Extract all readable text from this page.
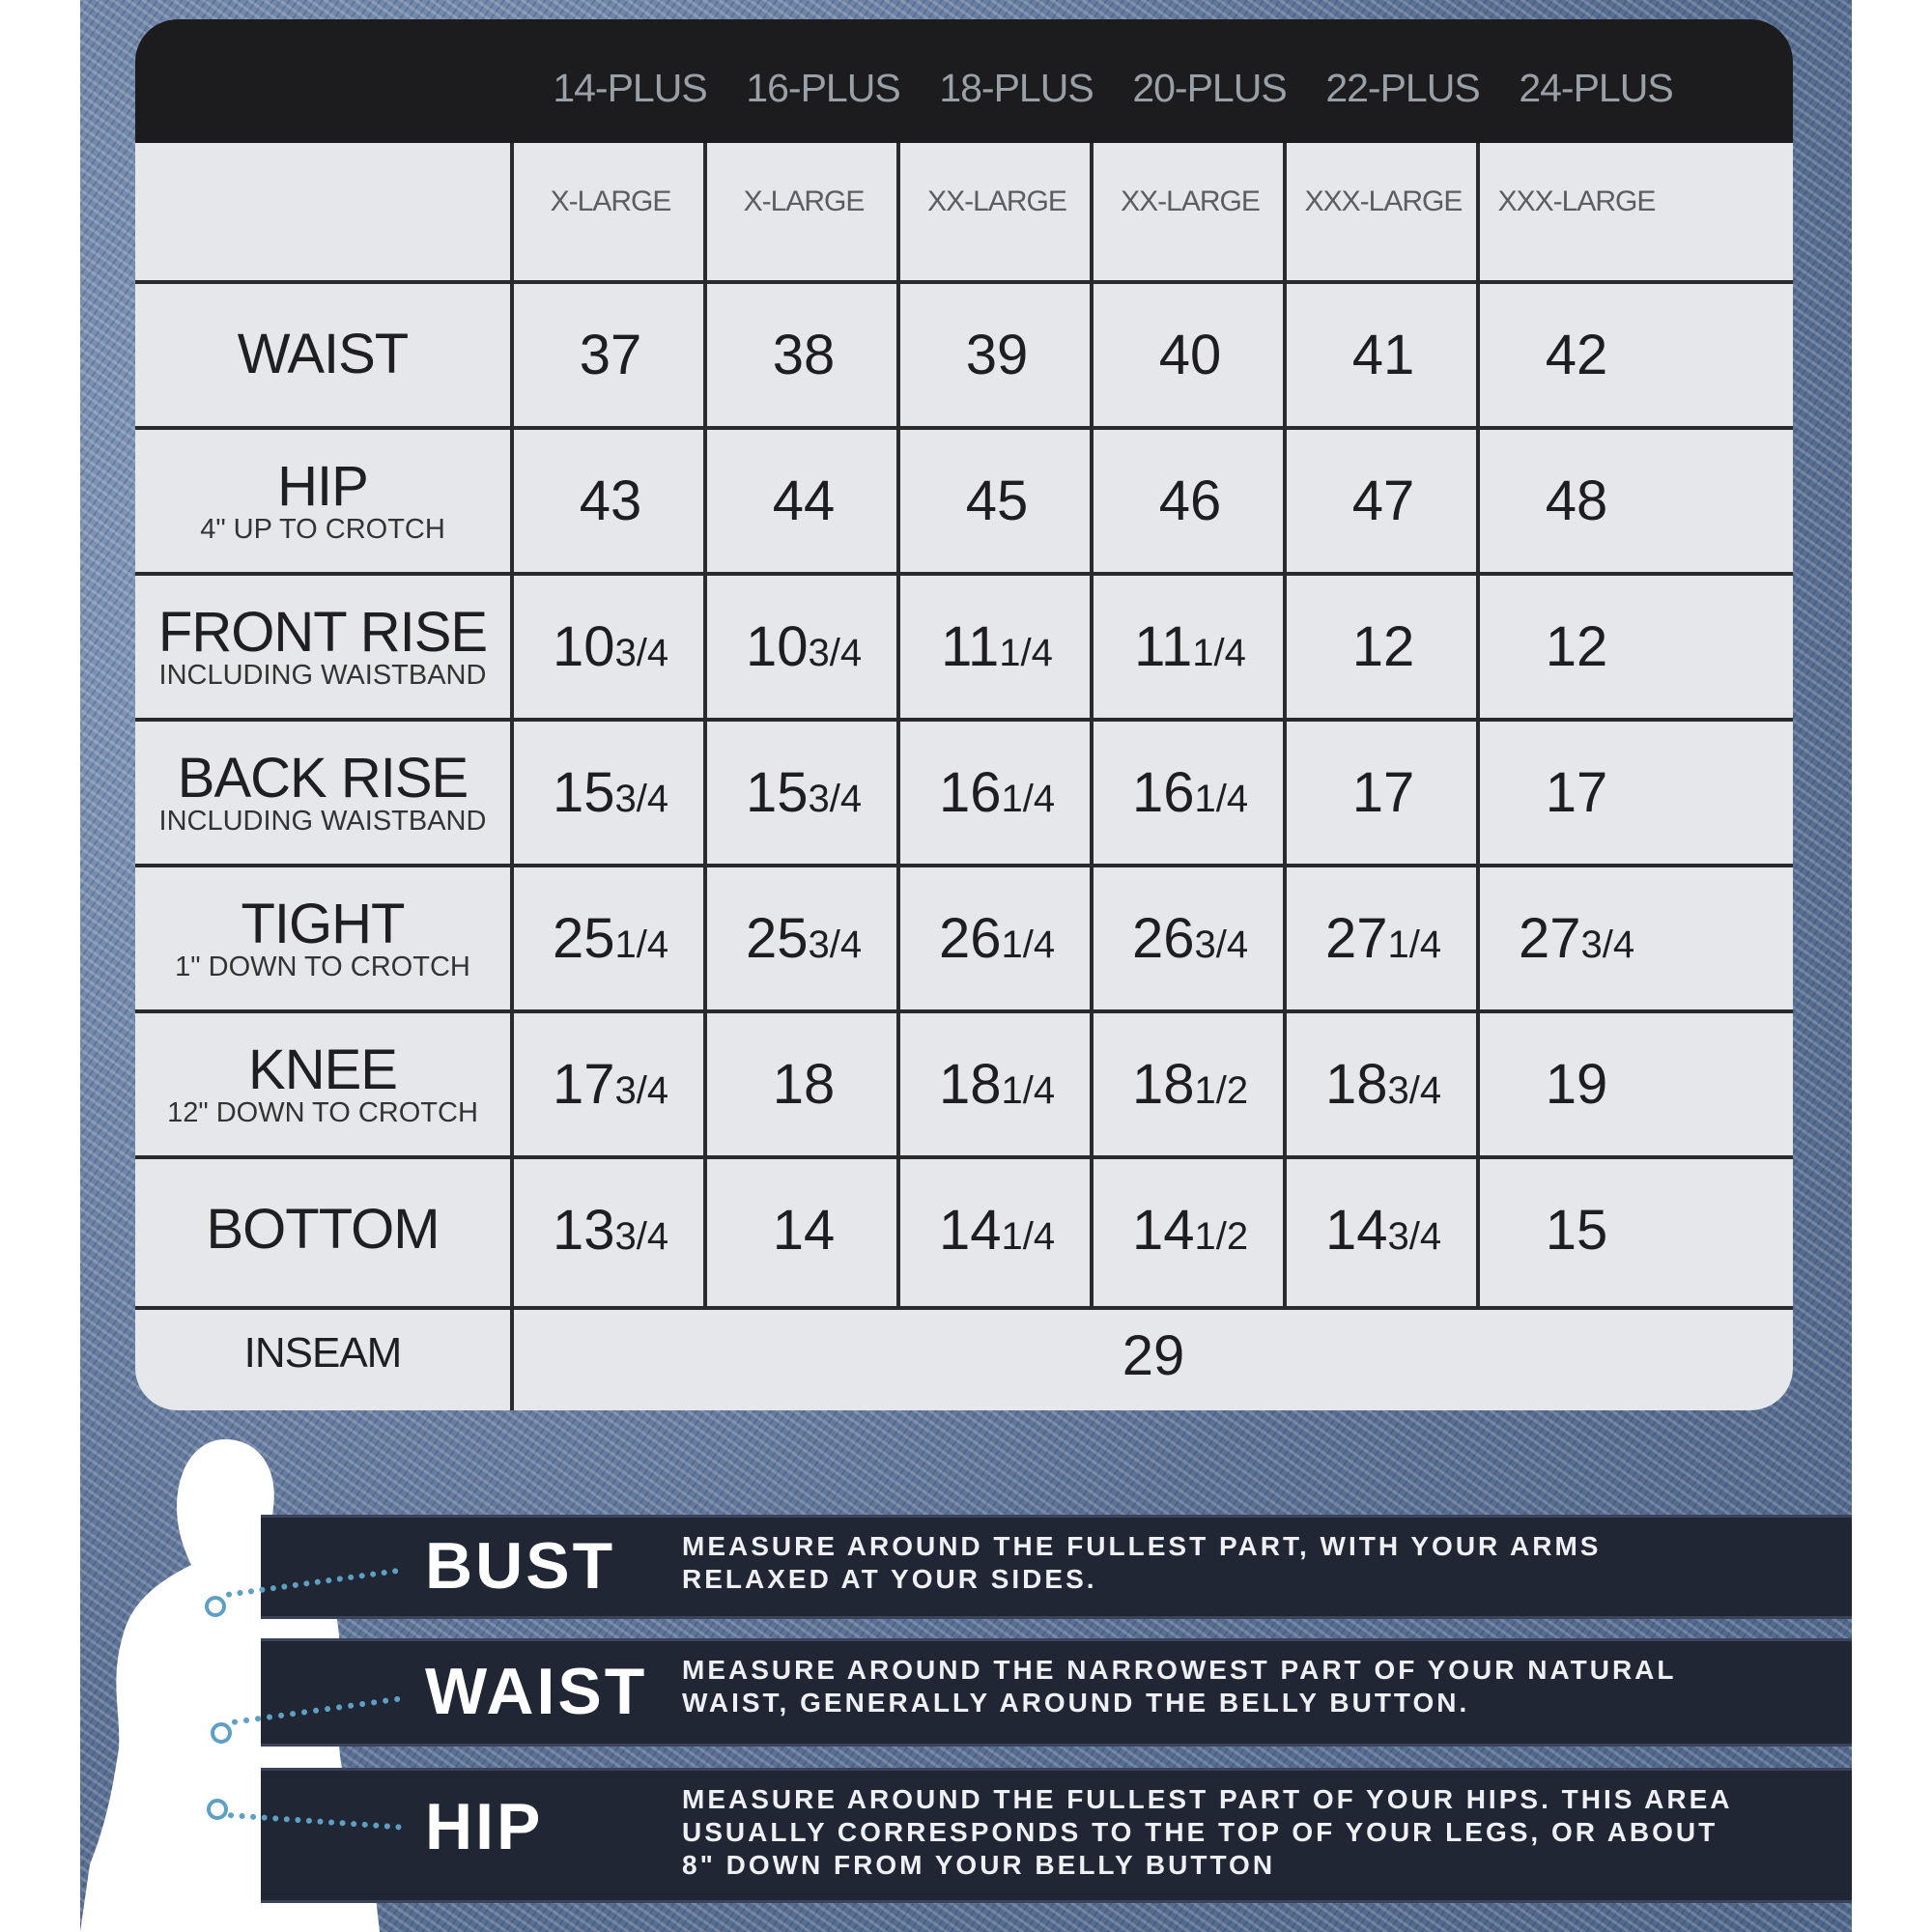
14-PLUS 16-PLUS 18-PLUS 20-PLUS 22-PLUS 24-PLUS
X-LARGE	X-LARGE	XX-LARGE	XX-LARGE	XXX-LARGE	XXX-LARGE
WAIST	37	38	39	40	41	42
HIP
4" UP TO CROTCH	43	44	45	46	47	48
FRONT RISE
INCLUDING WAISTBAND	103/4	103/4	111/4	111/4	12	12
BACK RISE
INCLUDING WAISTBAND	153/4	153/4	161/4	161/4	17	17
TIGHT
1" DOWN TO CROTCH	251/4	253/4	261/4	263/4	271/4	273/4
KNEE
12" DOWN TO CROTCH	173/4	18	181/4	181/2	183/4	19
BOTTOM	133/4	14	141/4	141/2	143/4	15
INSEAM	29
BUST MEASURE AROUND THE FULLEST PART, WITH YOUR ARMS
RELAXED AT YOUR SIDES.
WAIST MEASURE AROUND THE NARROWEST PART OF YOUR NATURAL
WAIST, GENERALLY AROUND THE BELLY BUTTON.
HIP	MEASURE AROUND THE FULLEST PART OF YOUR HIPS. THIS AREA
USUALLY CORRESPONDS TO THE TOP OF YOUR LEGS, OR ABOUT
8" DOWN FROM YOUR BELLY BUTTON
